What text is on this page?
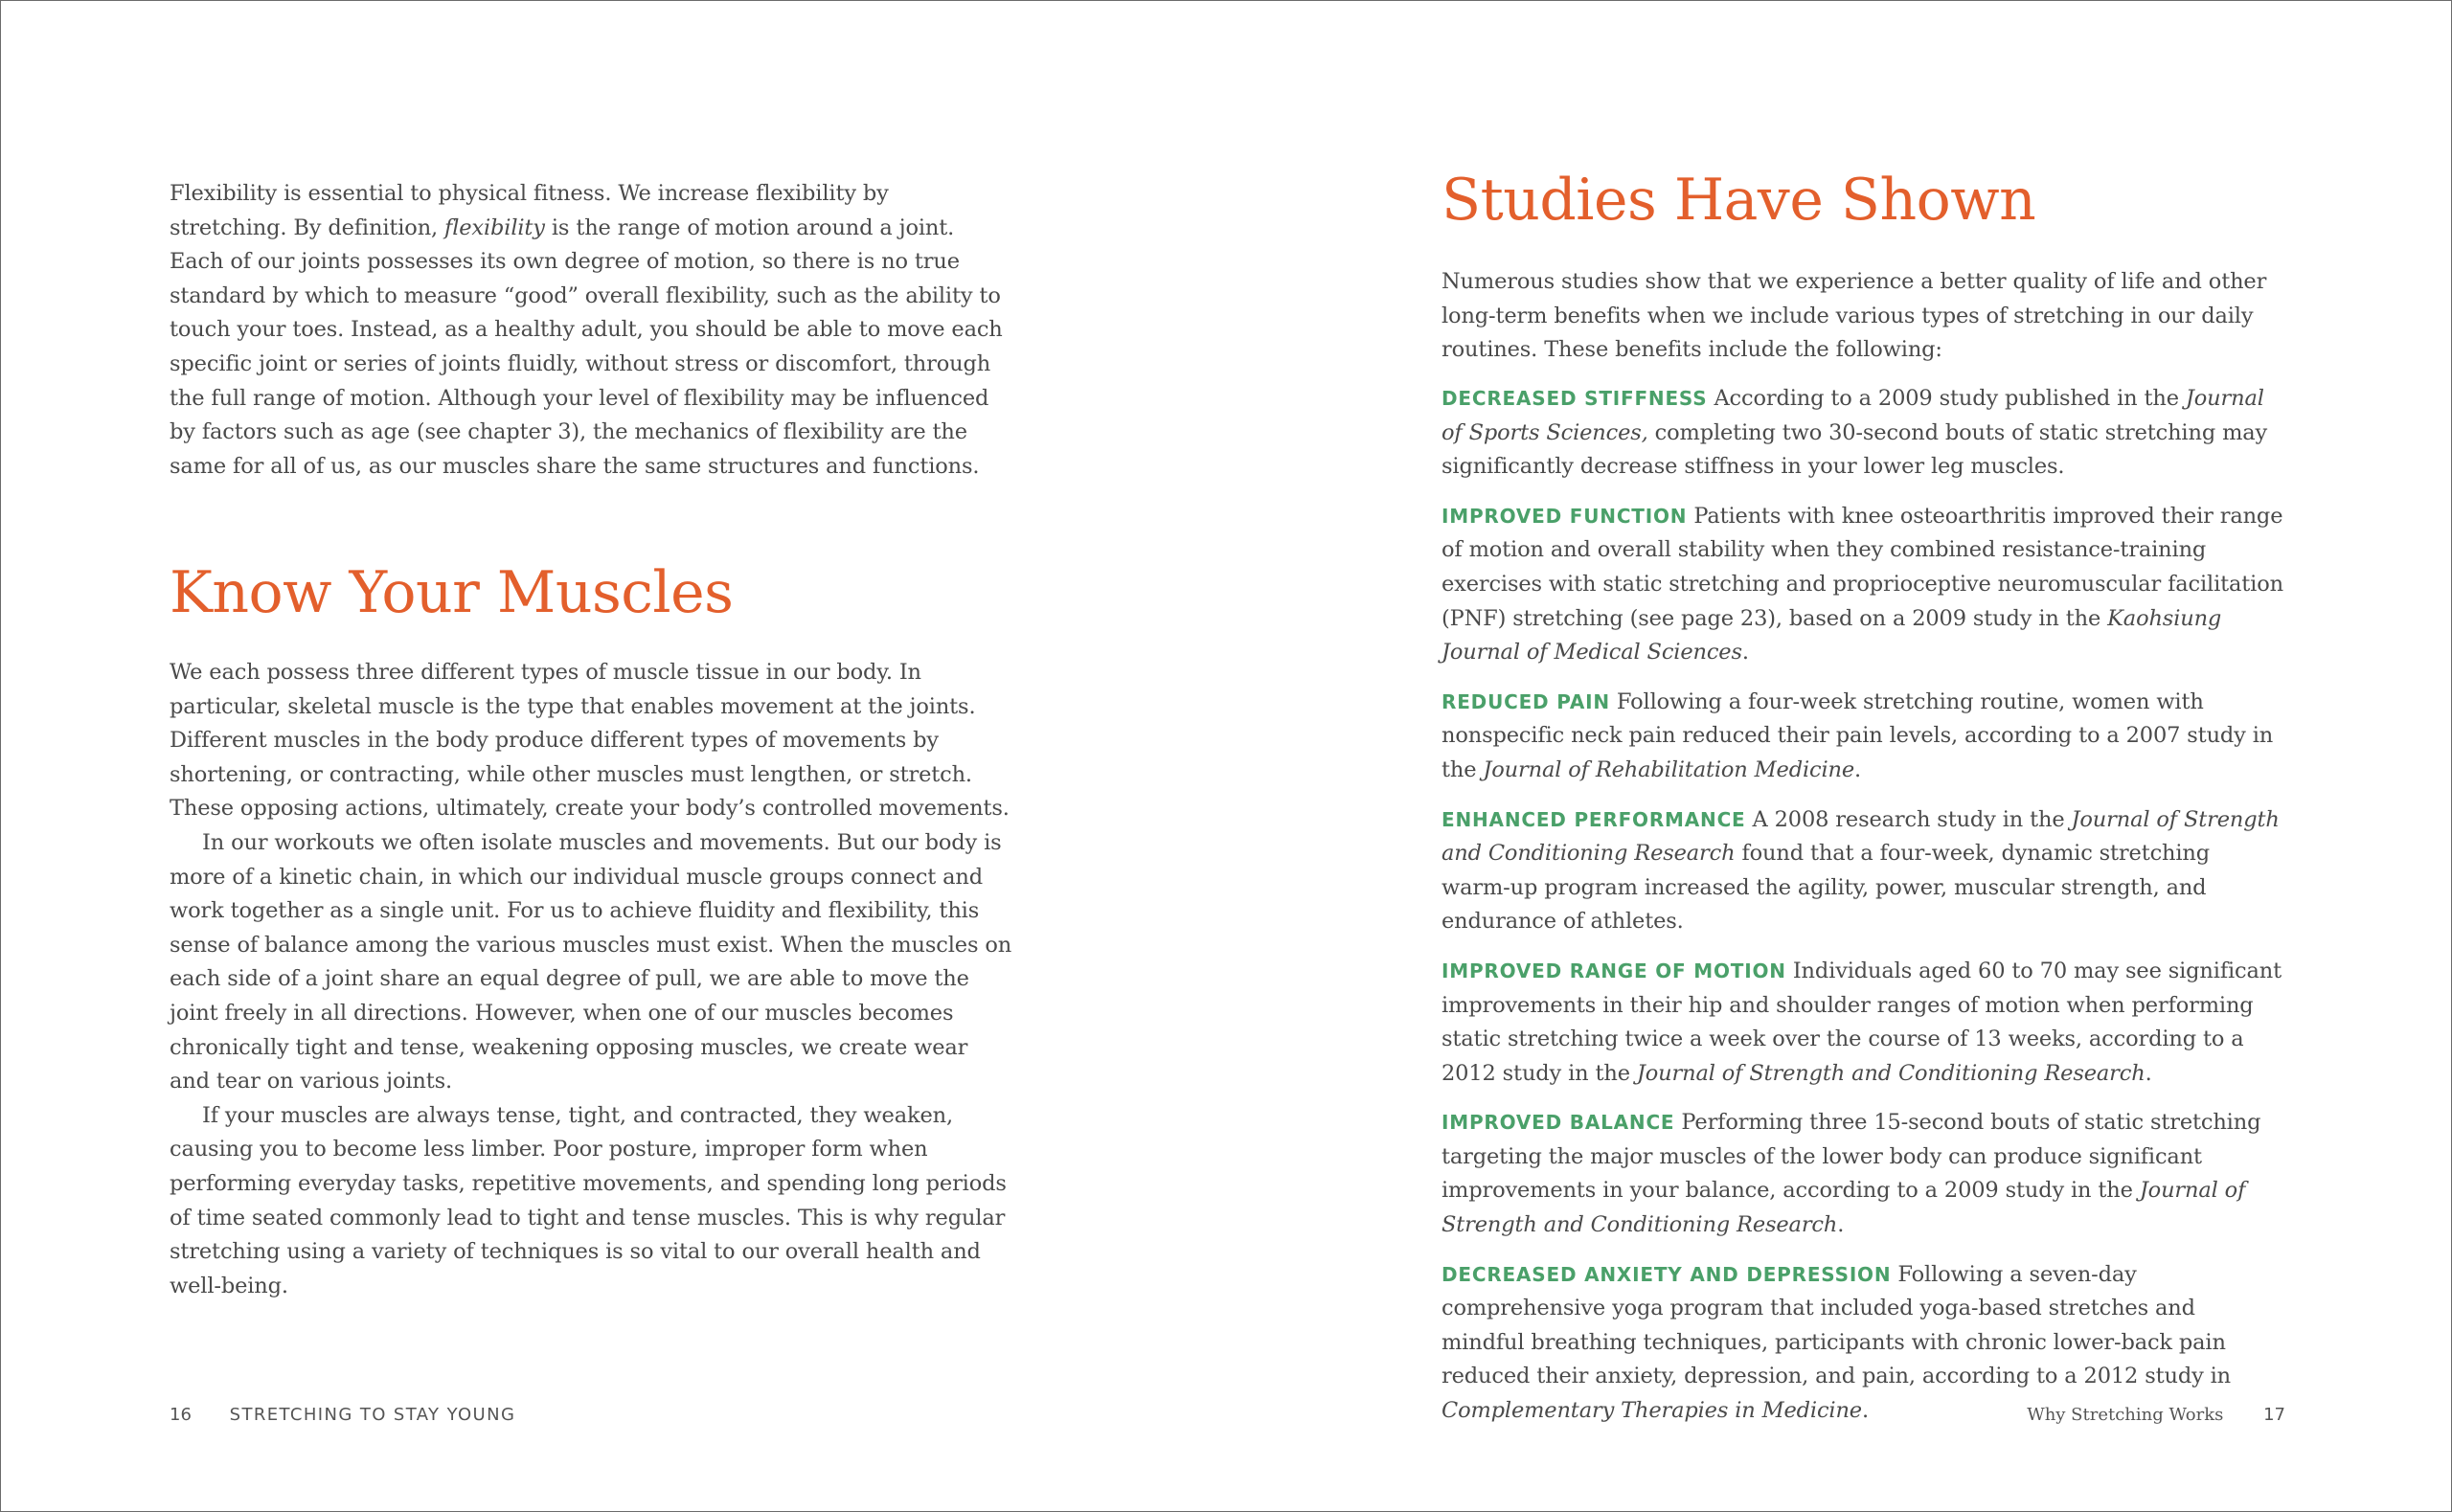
Flexibility is essential to physical fitness. We increase flexibility by stretching. By definition, flexibility is the range of motion around a joint. Each of our joints possesses its own degree of motion, so there is no true standard by which to measure “good” overall flexibility, such as the ability to touch your toes. Instead, as a healthy adult, you should be able to move each specific joint or series of joints fluidly, without stress or discomfort, through the full range of motion. Although your level of flexibility may be influenced by factors such as age (see chapter 3), the mechanics of flexibility are the same for all of us, as our muscles share the same structures and functions.

Know Your Muscles

We each possess three different types of muscle tissue in our body. In particular, skeletal muscle is the type that enables movement at the joints. Different muscles in the body produce different types of movements by shortening, or contracting, while other muscles must lengthen, or stretch. These opposing actions, ultimately, create your body’s controlled movements.

In our workouts we often isolate muscles and movements. But our body is more of a kinetic chain, in which our individual muscle groups connect and work together as a single unit. For us to achieve fluidity and flexibility, this sense of balance among the various muscles must exist. When the muscles on each side of a joint share an equal degree of pull, we are able to move the joint freely in all directions. However, when one of our muscles becomes chronically tight and tense, weakening opposing muscles, we create wear and tear on various joints.

If your muscles are always tense, tight, and contracted, they weaken, causing you to become less limber. Poor posture, improper form when performing everyday tasks, repetitive movements, and spending long periods of time seated commonly lead to tight and tense muscles. This is why regular stretching using a variety of techniques is so vital to our overall health and well-being.

16 STRETCHING TO STAY YOUNG
Studies Have Shown

Numerous studies show that we experience a better quality of life and other long-term benefits when we include various types of stretching in our daily routines. These benefits include the following:

DECREASED STIFFNESS According to a 2009 study published in the Journal of Sports Sciences, completing two 30-second bouts of static stretching may significantly decrease stiffness in your lower leg muscles.

IMPROVED FUNCTION Patients with knee osteoarthritis improved their range of motion and overall stability when they combined resistance-training exercises with static stretching and proprioceptive neuromuscular facilitation (PNF) stretching (see page 23), based on a 2009 study in the Kaohsiung Journal of Medical Sciences.

REDUCED PAIN Following a four-week stretching routine, women with nonspecific neck pain reduced their pain levels, according to a 2007 study in the Journal of Rehabilitation Medicine.

ENHANCED PERFORMANCE A 2008 research study in the Journal of Strength and Conditioning Research found that a four-week, dynamic stretching warm-up program increased the agility, power, muscular strength, and endurance of athletes.

IMPROVED RANGE OF MOTION Individuals aged 60 to 70 may see significant improvements in their hip and shoulder ranges of motion when performing static stretching twice a week over the course of 13 weeks, according to a 2012 study in the Journal of Strength and Conditioning Research.

IMPROVED BALANCE Performing three 15-second bouts of static stretching targeting the major muscles of the lower body can produce significant improvements in your balance, according to a 2009 study in the Journal of Strength and Conditioning Research.

DECREASED ANXIETY AND DEPRESSION Following a seven-day comprehensive yoga program that included yoga-based stretches and mindful breathing techniques, participants with chronic lower-back pain reduced their anxiety, depression, and pain, according to a 2012 study in Complementary Therapies in Medicine.	Why Stretching Works 17
